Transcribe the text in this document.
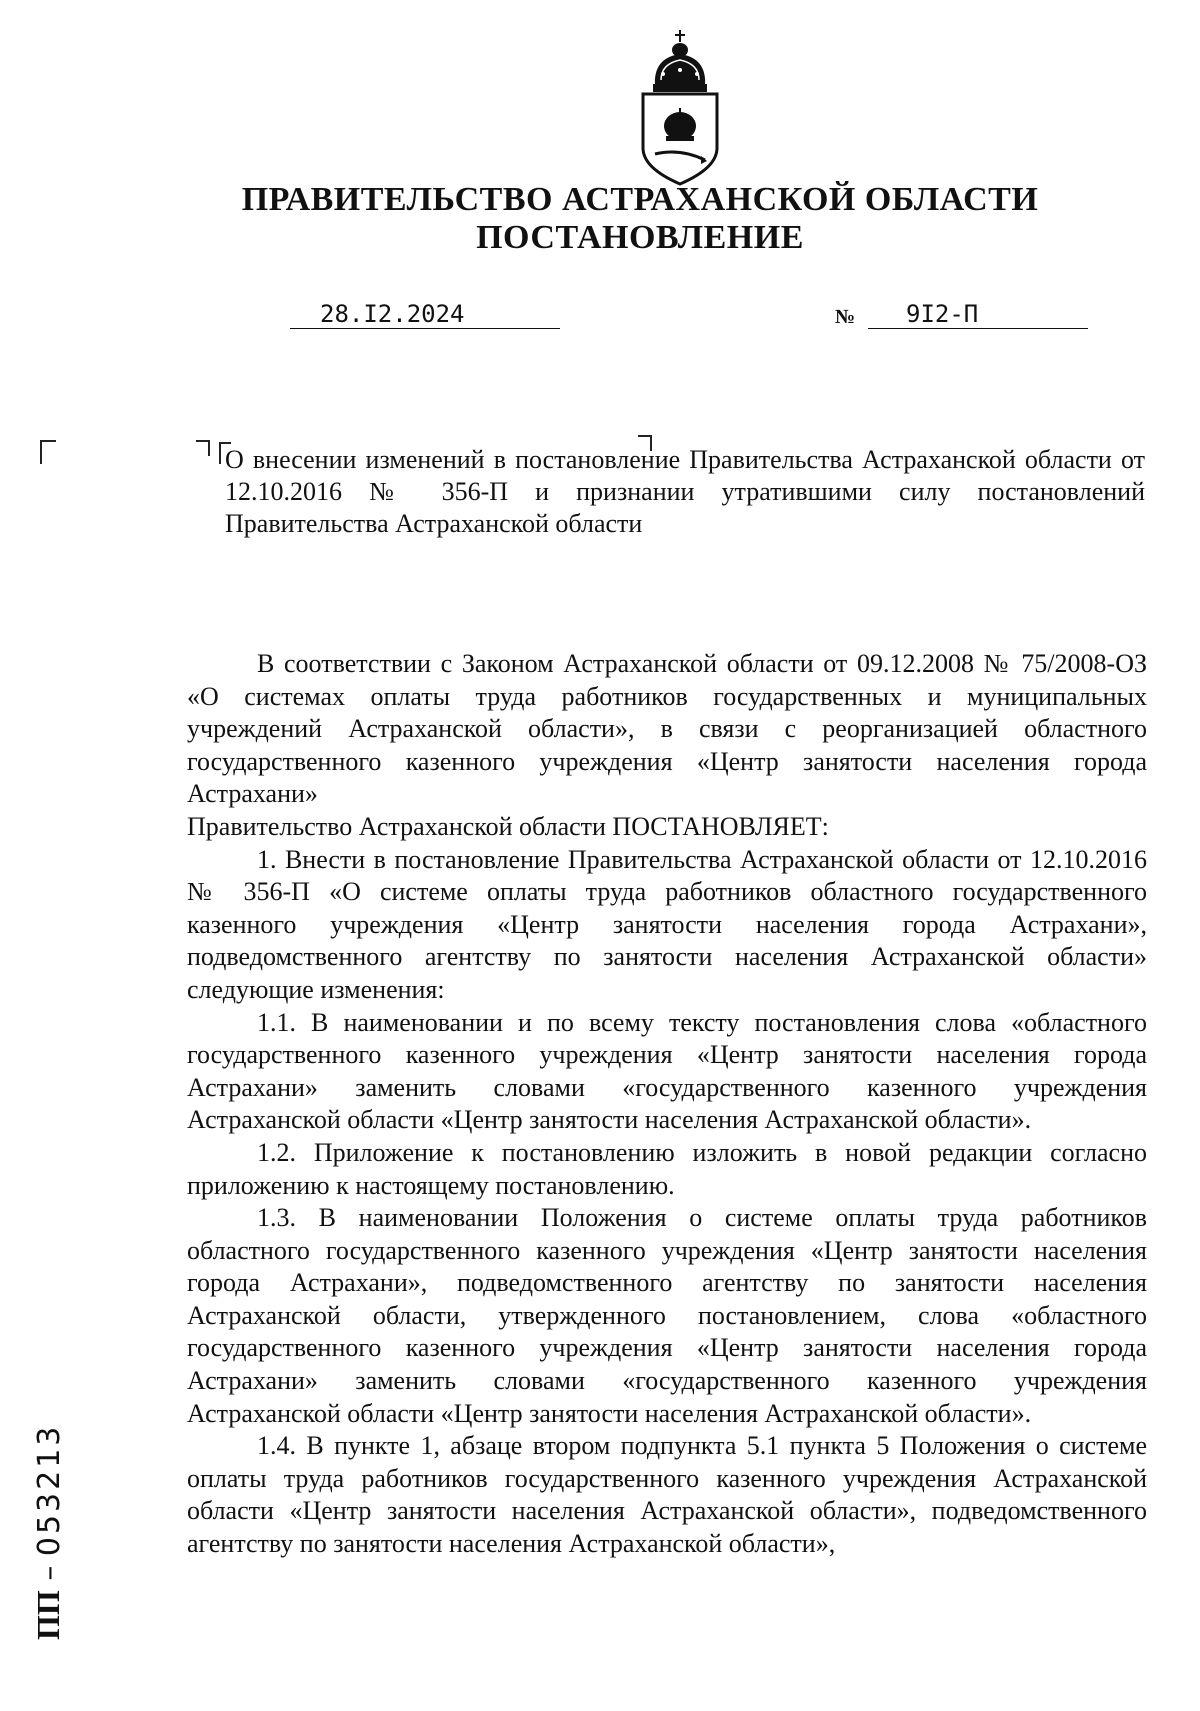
ПРАВИТЕЛЬСТВО АСТРАХАНСКОЙ ОБЛАСТИ
ПОСТАНОВЛЕНИЕ
28.I2.2024	№	9I2-П
О внесении изменений в постановление Правительства Астраханской области от 12.10.2016 № 356-П и признании утратившими силу постановлений Правительства Астраханской области

В соответствии с Законом Астраханской области от 09.12.2008 № 75/2008-ОЗ «О системах оплаты труда работников государственных и муниципальных учреждений Астраханской области», в связи с реорганизацией областного государственного казенного учреждения «Центр занятости населения города Астрахани»

Правительство Астраханской области ПОСТАНОВЛЯЕТ:

1. Внести в постановление Правительства Астраханской области от 12.10.2016 № 356-П «О системе оплаты труда работников областного государственного казенного учреждения «Центр занятости населения города Астрахани», подведомственного агентству по занятости населения Астраханской области» следующие изменения:

1.1. В наименовании и по всему тексту постановления слова «областного государственного казенного учреждения «Центр занятости населения города Астрахани» заменить словами «государственного казенного учреждения Астраханской области «Центр занятости населения Астраханской области».

1.2. Приложение к постановлению изложить в новой редакции согласно приложению к настоящему постановлению.

1.3. В наименовании Положения о системе оплаты труда работников областного государственного казенного учреждения «Центр занятости населения города Астрахани», подведомственного агентству по занятости населения Астраханской области, утвержденного постановлением, слова «областного государственного казенного учреждения «Центр занятости населения города Астрахани» заменить словами «государственного казенного учреждения Астраханской области «Центр занятости населения Астраханской области».

1.4. В пункте 1, абзаце втором подпункта 5.1 пункта 5 Положения о системе оплаты труда работников государственного казенного учреждения Астраханской области «Центр занятости населения Астраханской области», подведомственного агентству по занятости населения Астраханской области»,

ПП – 053213
